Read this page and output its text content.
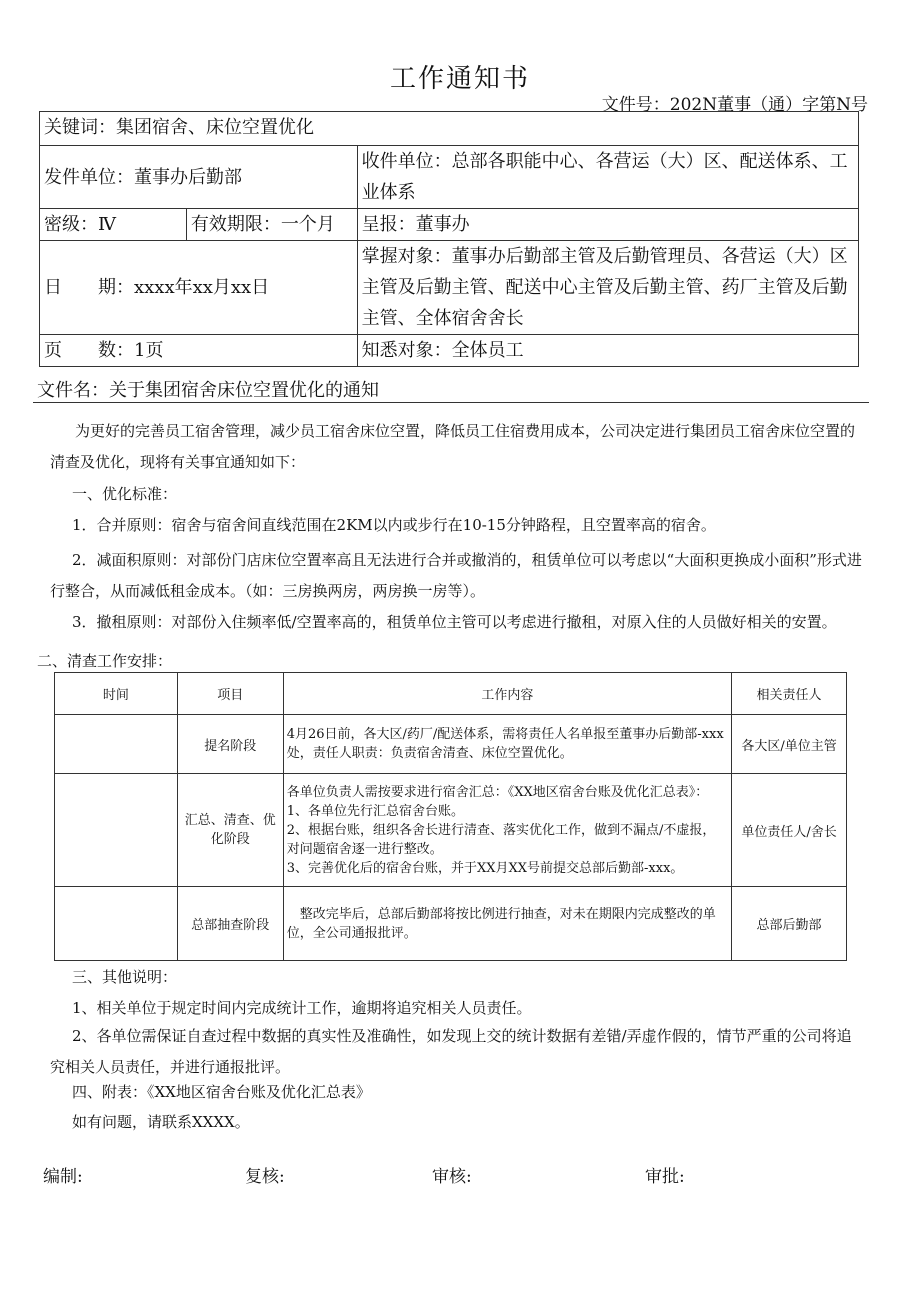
工作通知书
文件号：202N董事（通）字第N号
关键词：集团宿舍、床位空置优化		
发件单位：董事办后勤部		收件单位：总部各职能中心、各营运（大）区、配送体系、工业体系
密级：Ⅳ	有效期限：一个月	呈报：董事办
日　　期：xxxx年xx月xx日		掌握对象：董事办后勤部主管及后勤管理员、各营运（大）区主管及后勤主管、配送中心主管及后勤主管、药厂主管及后勤主管、全体宿舍舍长
页　　数：1页		知悉对象：全体员工
文件名：关于集团宿舍床位空置优化的通知

为更好的完善员工宿舍管理，减少员工宿舍床位空置，降低员工住宿费用成本，公司决定进行集团员工宿舍床位空置的清查及优化，现将有关事宜通知如下：

一、优化标准：

1．合并原则：宿舍与宿舍间直线范围在2KM以内或步行在10-15分钟路程，且空置率高的宿舍。

2．减面积原则：对部份门店床位空置率高且无法进行合并或撤消的，租赁单位可以考虑以“大面积更换成小面积”形式进行整合，从而减低租金成本。（如：三房换两房，两房换一房等）。

3．撤租原则：对部份入住频率低/空置率高的，租赁单位主管可以考虑进行撤租，对原入住的人员做好相关的安置。

二、清查工作安排：

时间	项目	工作内容	相关责任人
	提名阶段	4月26日前，各大区/药厂/配送体系，需将责任人名单报至董事办后勤部-xxx处，责任人职责：负责宿舍清查、床位空置优化。	各大区/单位主管
	汇总、清查、优化阶段	各单位负责人需按要求进行宿舍汇总：《XX地区宿舍台账及优化汇总表》：
1、各单位先行汇总宿舍台账。
2、根据台账，组织各舍长进行清查、落实优化工作，做到不漏点/不虚报，对问题宿舍逐一进行整改。
3、完善优化后的宿舍台账，并于XX月XX号前提交总部后勤部-xxx。	单位责任人/舍长
	总部抽查阶段	整改完毕后，总部后勤部将按比例进行抽查，对未在期限内完成整改的单位，全公司通报批评。	总部后勤部

三、其他说明：

1、相关单位于规定时间内完成统计工作，逾期将追究相关人员责任。

2、各单位需保证自查过程中数据的真实性及准确性，如发现上交的统计数据有差错/弄虚作假的，情节严重的公司将追究相关人员责任，并进行通报批评。

四、附表：《XX地区宿舍台账及优化汇总表》

如有问题，请联系XXXX。

编制:	复核:	审核:	审批:
